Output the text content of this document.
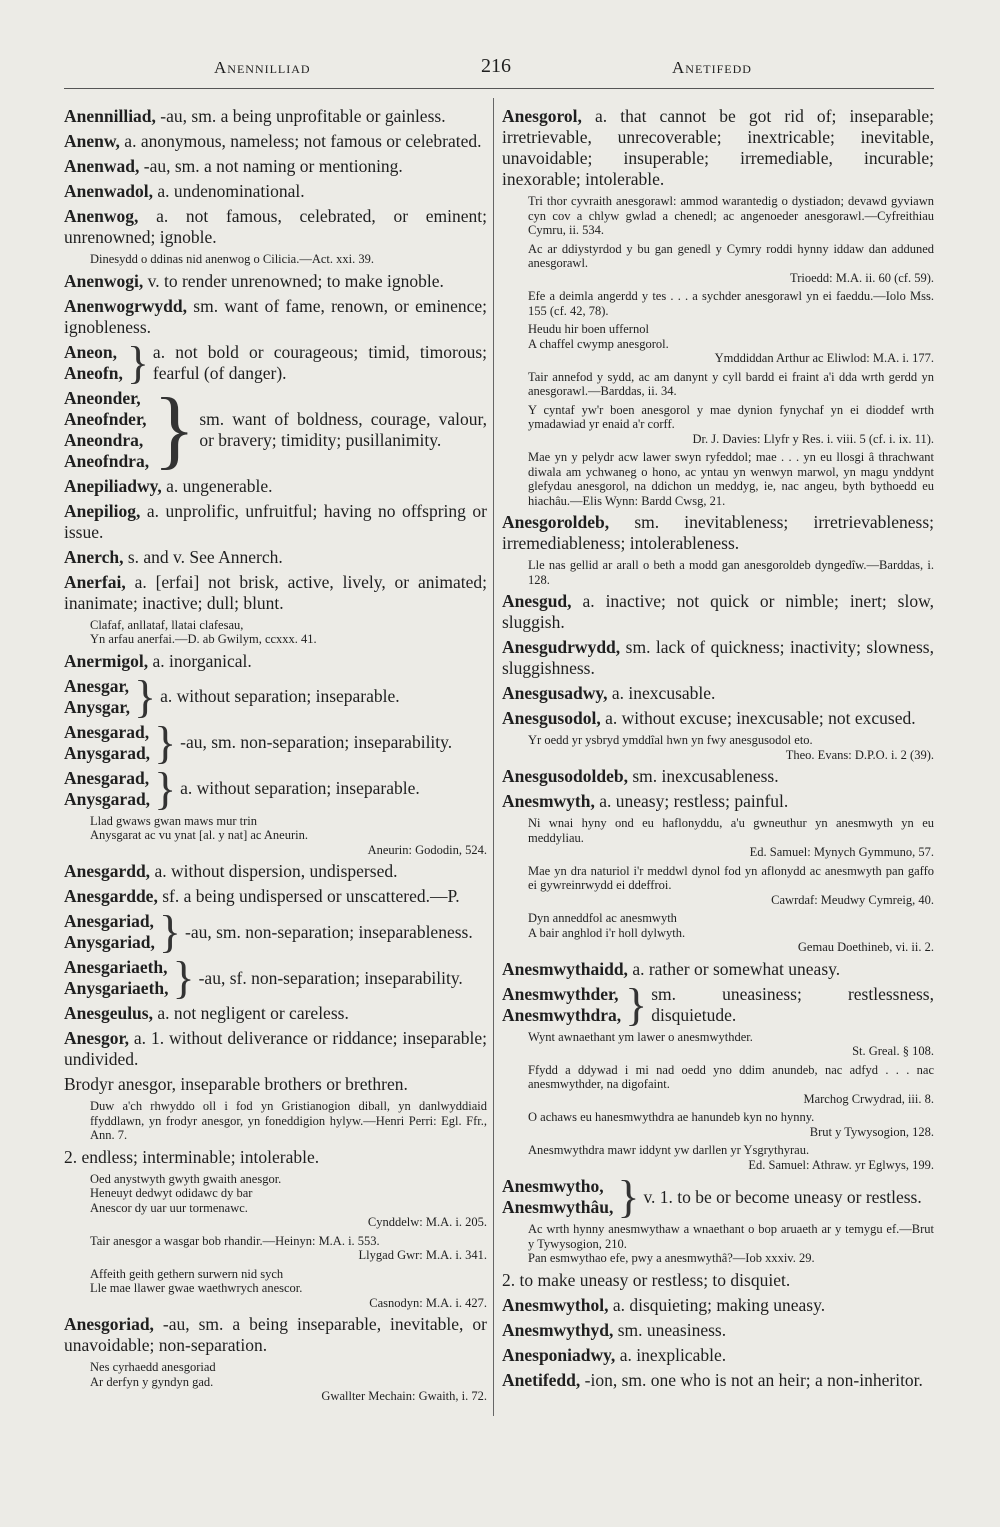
Anennilliad	216	Anetifedd
Anennilliad, -au, sm. a being unprofitable or gainless.
Anenw, a. anonymous, nameless; not famous or celebrated.
Anenwad, -au, sm. a not naming or mentioning.
Anenwadol, a. undenominational.
Anenwog, a. not famous, celebrated, or eminent; unrenowned; ignoble.
Dinesydd o ddinas nid anenwog o Cilicia.—Act. xxi. 39.
Anenwogi, v. to render unrenowned; to make ignoble.
Anenwogrwydd, sm. want of fame, renown, or eminence; ignobleness.
Aneon,
Aneofn, } a. not bold or courageous; timid, timorous; fearful (of danger).
Aneonder,
Aneofnder,
Aneondra,
Aneofndra, } sm. want of boldness, courage, valour, or bravery; timidity; pusillanimity.
Anepiliadwy, a. ungenerable.
Anepiliog, a. unprolific, unfruitful; having no offspring or issue.
Anerch, s. and v. See Annerch.
Anerfai, a. [erfai] not brisk, active, lively, or animated; inanimate; inactive; dull; blunt.
Clafaf, anllataf, llatai clafesau,
Yn arfau anerfai.—D. ab Gwilym, ccxxx. 41.
Anermigol, a. inorganical.
Anesgar,
Anysgar, } a. without separation; inseparable.
Anesgarad,
Anysgarad, } -au, sm. non-separation; inseparability.
Anesgarad,
Anysgarad, } a. without separation; inseparable.
Llad gwaws gwan maws mur trin
Anysgarat ac vu ynat [al. y nat] ac Aneurin.
Aneurin: Gododin, 524.
Anesgardd, a. without dispersion, undispersed.
Anesgardde, sf. a being undispersed or unscattered.—P.
Anesgariad,
Anysgariad, } -au, sm. non-separation; inseparableness.
Anesgariaeth,
Anysgariaeth, } -au, sf. non-separation; inseparability.
Anesgeulus, a. not negligent or careless.
Anesgor, a. 1. without deliverance or riddance; inseparable; undivided.
Brodyr anesgor, inseparable brothers or brethren.
Duw a'ch rhwyddo oll i fod yn Gristianogion diball, yn danlwyddiaid ffyddlawn, yn frodyr anesgor, yn foneddigion hylyw.—Henri Perri: Egl. Ffr., Ann. 7.
2. endless; interminable; intolerable.
Oed anystwyth gwyth gwaith anesgor.
Heneuyt dedwyt odidawc dy bar
Anescor dy uar uur tormenawc.
Cynddelw: M.A. i. 205.
Tair anesgor a wasgar bob rhandir.—Heinyn: M.A. i. 553.
Llygad Gwr: M.A. i. 341.
Affeith geith gethern surwern nid sych
Lle mae llawer gwae waethwrych anescor.
Casnodyn: M.A. i. 427.
Anesgoriad, -au, sm. a being inseparable, inevitable, or unavoidable; non-separation.
Nes cyrhaedd anesgoriad
Ar derfyn y gyndyn gad.
Gwallter Mechain: Gwaith, i. 72.
Anesgorol, a. that cannot be got rid of; inseparable; irretrievable, unrecoverable; inextricable; inevitable, unavoidable; insuperable; irremediable, incurable; inexorable; intolerable.
Tri thor cyvraith anesgorawl: ammod warantedig o dystiadon; devawd gyviawn cyn cov a chlyw gwlad a chenedl; ac angenoeder anesgorawl.—Cyfreithiau Cymru, ii. 534.
Ac ar ddiystyrdod y bu gan genedl y Cymry roddi hynny iddaw dan adduned anesgorawl.
Trioedd: M.A. ii. 60 (cf. 59).
Efe a deimla angerdd y tes . . . a sychder anesgorawl yn ei faeddu.—Iolo Mss. 155 (cf. 42, 78).
Heudu hir boen uffernol
A chaffel cwymp anesgorol.
Ymddiddan Arthur ac Eliwlod: M.A. i. 177.
Tair annefod y sydd, ac am danynt y cyll bardd ei fraint a'i dda wrth gerdd yn anesgorawl.—Barddas, ii. 34.
Y cyntaf yw'r boen anesgorol y mae dynion fynychaf yn ei dioddef wrth ymadawiad yr enaid a'r corff.
Dr. J. Davies: Llyfr y Res. i. viii. 5 (cf. i. ix. 11).
Mae yn y pelydr acw lawer swyn ryfeddol; mae . . . yn eu llosgi â thrachwant diwala am ychwaneg o hono, ac yntau yn wenwyn marwol, yn magu ynddynt glefydau anesgorol, na ddichon un meddyg, ie, nac angeu, byth bythoedd eu hiachâu.—Elis Wynn: Bardd Cwsg, 21.
Anesgoroldeb, sm. inevitableness; irretrievableness; irremediableness; intolerableness.
Lle nas gellid ar arall o beth a modd gan anesgoroldeb dyngedîw.—Barddas, i. 128.
Anesgud, a. inactive; not quick or nimble; inert; slow, sluggish.
Anesgudrwydd, sm. lack of quickness; inactivity; slowness, sluggishness.
Anesgusadwy, a. inexcusable.
Anesgusodol, a. without excuse; inexcusable; not excused.
Yr oedd yr ysbryd ymddîal hwn yn fwy anesgusodol eto.
Theo. Evans: D.P.O. i. 2 (39).
Anesgusodoldeb, sm. inexcusableness.
Anesmwyth, a. uneasy; restless; painful.
Ni wnai hyny ond eu haflonyddu, a'u gwneuthur yn anesmwyth yn eu meddyliau.
Ed. Samuel: Mynych Gymmuno, 57.
Mae yn dra naturiol i'r meddwl dynol fod yn aflonydd ac anesmwyth pan gaffo ei gywreinrwydd ei ddeffroi.
Cawrdaf: Meudwy Cymreig, 40.
Dyn anneddfol ac anesmwyth
A bair anghlod i'r holl dylwyth.
Gemau Doethineb, vi. ii. 2.
Anesmwythaidd, a. rather or somewhat uneasy.
Anesmwythder,
Anesmwythdra, } sm. uneasiness; restlessness, disquietude.
Wynt awnaethant ym lawer o anesmwythder.
St. Greal. § 108.
Ffydd a ddywad i mi nad oedd yno ddim anundeb, nac adfyd . . . nac anesmwythder, na digofaint.
Marchog Crwydrad, iii. 8.
O achaws eu hanesmwythdra ae hanundeb kyn no hynny.
Brut y Tywysogion, 128.
Anesmwythdra mawr iddynt yw darllen yr Ysgrythyrau.
Ed. Samuel: Athraw. yr Eglwys, 199.
Anesmwytho,
Anesmwythâu, } v. 1. to be or become uneasy or restless.
Ac wrth hynny anesmwythaw a wnaethant o bop aruaeth ar y temygu ef.—Brut y Tywysogion, 210.
Pan esmwythao efe, pwy a anesmwythâ?—Iob xxxiv. 29.
2. to make uneasy or restless; to disquiet.
Anesmwythol, a. disquieting; making uneasy.
Anesmwythyd, sm. uneasiness.
Anesponiadwy, a. inexplicable.
Anetifedd, -ion, sm. one who is not an heir; a non-inheritor.
